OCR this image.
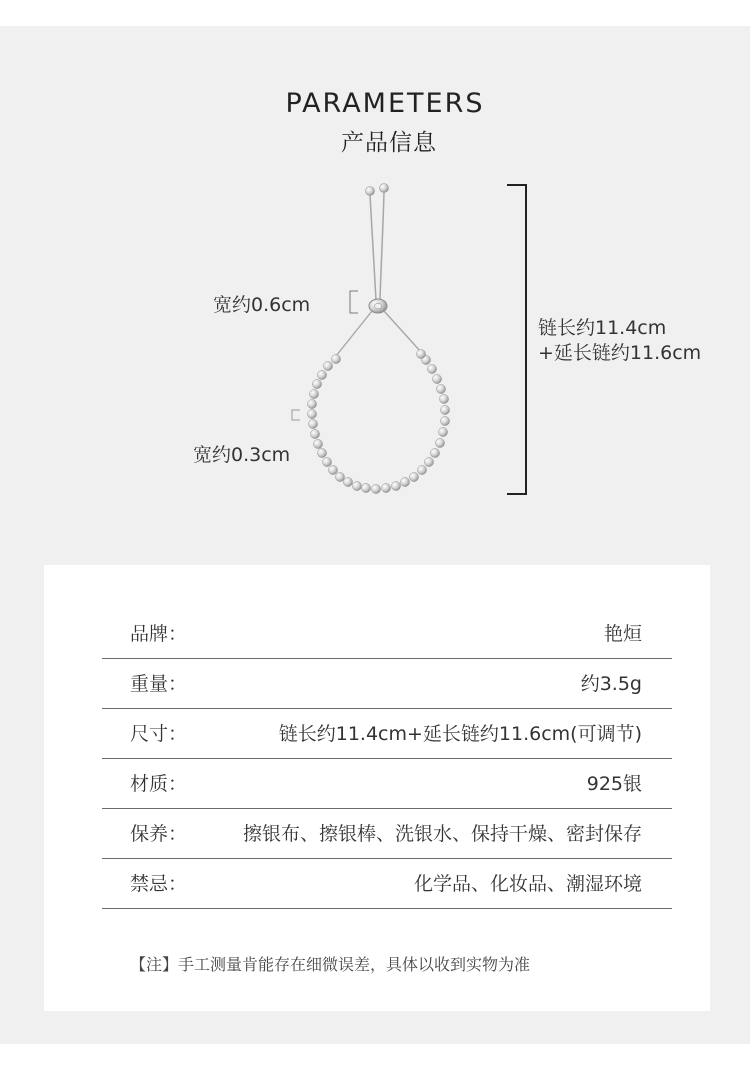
PARAMETERS
产品信息
宽约0.6cm
宽约0.3cm
链长约11.4cm
+延长链约11.6cm
品牌：	艳烜
重量：	约3.5g
尺寸：	链长约11.4cm+延长链约11.6cm(可调节)
材质：	925银
保养：	擦银布、擦银棒、洗银水、保持干燥、密封保存
禁忌：	化学品、化妆品、潮湿环境
【注】手工测量肯能存在细微误差，具体以收到实物为准
